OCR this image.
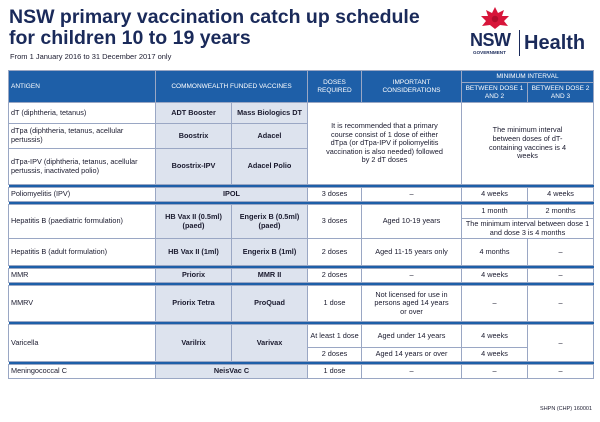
NSW primary vaccination catch up schedule
for children 10 to 19 years
From 1 January 2016 to 31 December 2017 only
NSW
GOVERNMENT Health
ANTIGEN	COMMONWEALTH FUNDED VACCINES		DOSES REQUIRED	IMPORTANT CONSIDERATIONS	MINIMUM INTERVAL	
					BETWEEN DOSE 1 AND 2	BETWEEN DOSE 2 AND 3
dT (diphtheria, tetanus)	ADT Booster	Mass Biologics DT	It is recommended that a primary course consist of 1 dose of either dTpa (or dTpa-IPV if poliomyelitis vaccination is also needed) followed by 2 dT doses		The minimum interval between doses of dT-containing vaccines is 4 weeks	
dTpa (diphtheria, tetanus, acellular pertussis)	Boostrix	Adacel				
dTpa-IPV (diphtheria, tetanus, acellular pertussis, inactivated polio)	Boostrix-IPV	Adacel Polio				

Poliomyelitis (IPV)	IPOL		3 doses	–	4 weeks	4 weeks

Hepatitis B (paediatric formulation)	HB Vax II (0.5ml) (paed)	Engerix B (0.5ml) (paed)	3 doses	Aged 10-19 years	1 month	2 months
					The minimum interval between dose 1 and dose 3 is 4 months	
Hepatitis B (adult formulation)	HB Vax II (1ml)	Engerix B (1ml)	2 doses	Aged 11-15 years only	4 months	–

MMR	Priorix	MMR II	2 doses	–	4 weeks	–

MMRV	Priorix Tetra	ProQuad	1 dose	Not licensed for use in persons aged 14 years or over	–	–

Varicella	Varilrix	Varivax	At least 1 dose	Aged under 14 years	4 weeks	–
			2 doses	Aged 14 years or over	4 weeks	

Meningococcal C	NeisVac C		1 dose	–	–	–
SHPN (CHP) 160001
